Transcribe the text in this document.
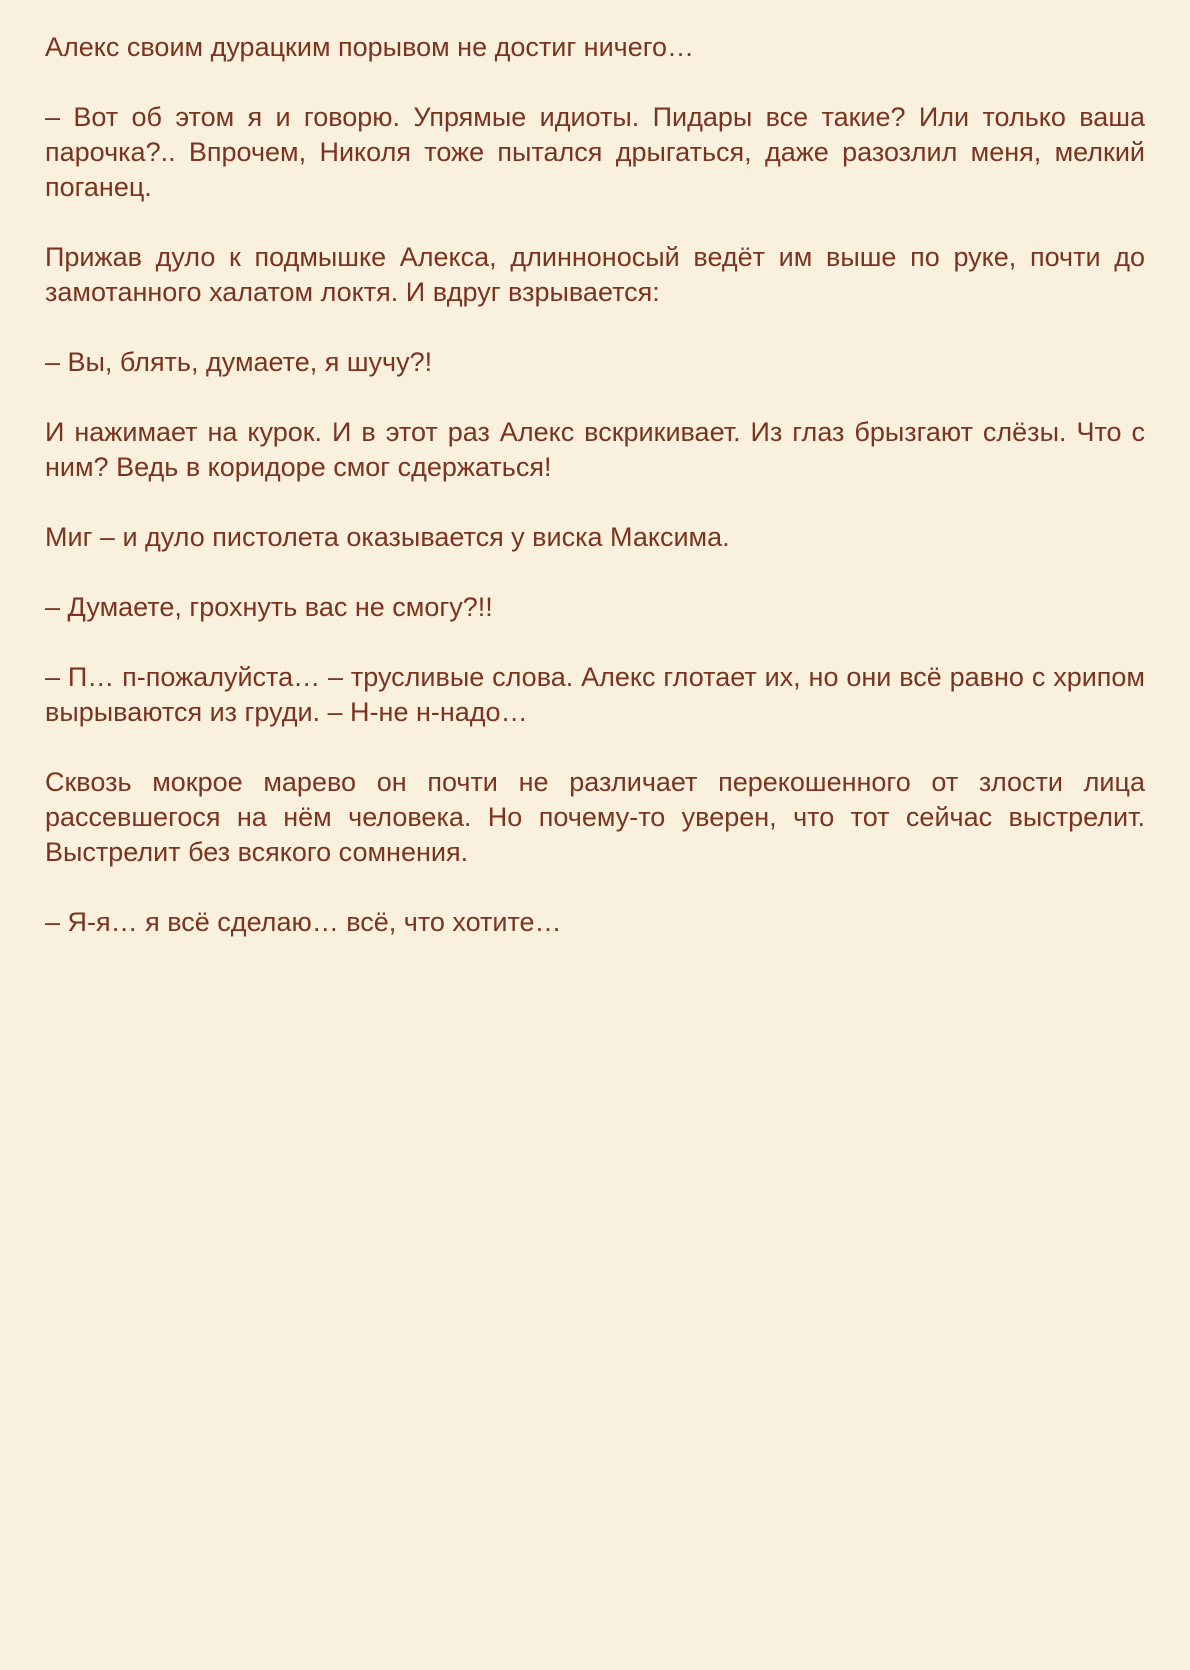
Алекс своим дурацким порывом не достиг ничего…

– Вот об этом я и говорю. Упрямые идиоты. Пидары все такие? Или только ваша парочка?.. Впрочем, Николя тоже пытался дрыгаться, даже разозлил меня, мелкий поганец.

Прижав дуло к подмышке Алекса, длинноносый ведёт им выше по руке, почти до замотанного халатом локтя. И вдруг взрывается:

– Вы, блять, думаете, я шучу?!

И нажимает на курок. И в этот раз Алекс вскрикивает. Из глаз брызгают слёзы. Что с ним? Ведь в коридоре смог сдержаться!

Миг – и дуло пистолета оказывается у виска Максима.

– Думаете, грохнуть вас не смогу?!!

– П… п-пожалуйста… – трусливые слова. Алекс глотает их, но они всё равно с хрипом вырываются из груди. – Н-не н-надо…

Сквозь мокрое марево он почти не различает перекошенного от злости лица рассевшегося на нём человека. Но почему-то уверен, что тот сейчас выстрелит. Выстрелит без всякого сомнения.

– Я-я… я всё сделаю… всё, что хотите…
